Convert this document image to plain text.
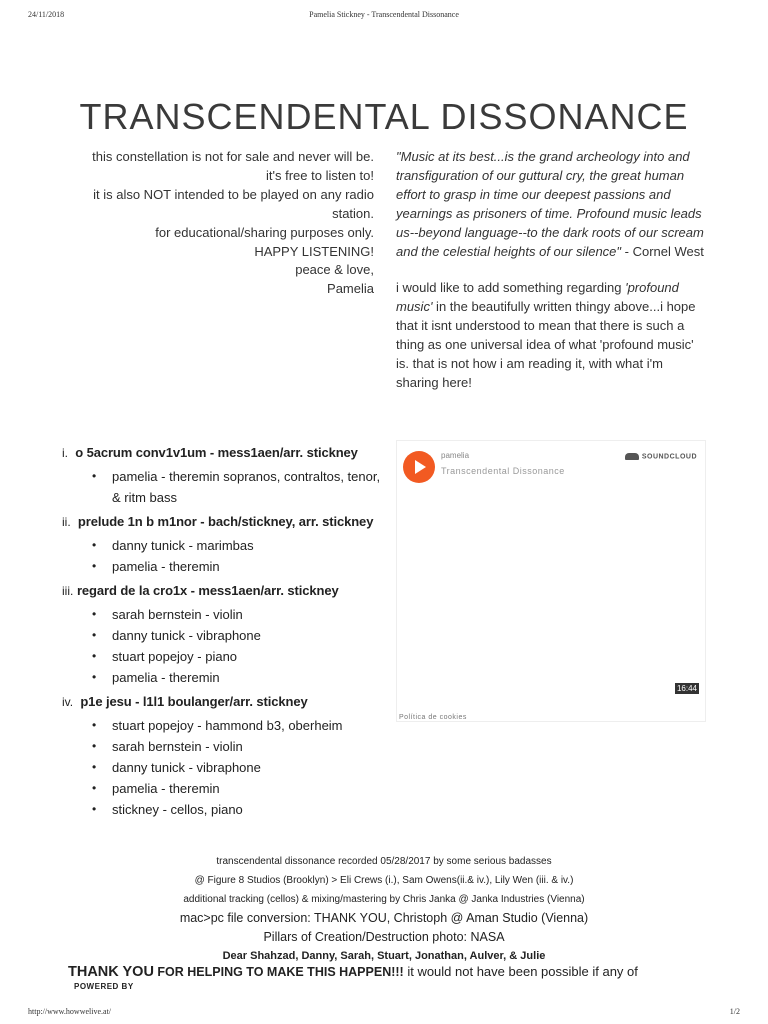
24/11/2018	Pamelia Stickney - Transcendental Dissonance
TRANSCENDENTAL DISSONANCE
this constellation is not for sale and never will be.
it's free to listen to!
it is also NOT intended to be played on any radio station.
for educational/sharing purposes only.
HAPPY LISTENING!
peace & love,
Pamelia
"Music at its best...is the grand archeology into and transfiguration of our guttural cry, the great human effort to grasp in time our deepest passions and yearnings as prisoners of time. Profound music leads us--beyond language--to the dark roots of our scream and the celestial heights of our silence" - Cornel West
i would like to add something regarding 'profound music' in the beautifully written thingy above...i hope that it isnt understood to mean that there is such a thing as one universal idea of what 'profound music' is. that is not how i am reading it, with what i'm sharing here!
i. o 5acrum conv1v1um - mess1aen/arr. stickney
• pamelia - theremin sopranos, contraltos, tenor, & ritm bass
ii. prelude 1n b m1nor - bach/stickney, arr. stickney
• danny tunick - marimbas
• pamelia - theremin
iii. regard de la cro1x - mess1aen/arr. stickney
• sarah bernstein - violin
• danny tunick - vibraphone
• stuart popejoy - piano
• pamelia - theremin
iv. p1e jesu - l1l1 boulanger/arr. stickney
• stuart popejoy - hammond b3, oberheim
• sarah bernstein - violin
• danny tunick - vibraphone
• pamelia - theremin
• stickney - cellos, piano
pamelia
Transcendental Dissonance
SOUNDCLOUD
16:44
Política de cookies
transcendental dissonance recorded 05/28/2017 by some serious badasses
@ Figure 8 Studios (Brooklyn) > Eli Crews (i.), Sam Owens(ii.& iv.), Lily Wen (iii. & iv.)
additional tracking (cellos) & mixing/mastering by Chris Janka @ Janka Industries (Vienna)
mac>pc file conversion: THANK YOU, Christoph @ Aman Studio (Vienna)
Pillars of Creation/Destruction photo: NASA
Dear Shahzad, Danny, Sarah, Stuart, Jonathan, Aulver, & Julie
THANK YOU FOR HELPING TO MAKE THIS HAPPEN!!! it would not have been possible if any of
POWERED BY
http://www.howwelive.at/	1/2
